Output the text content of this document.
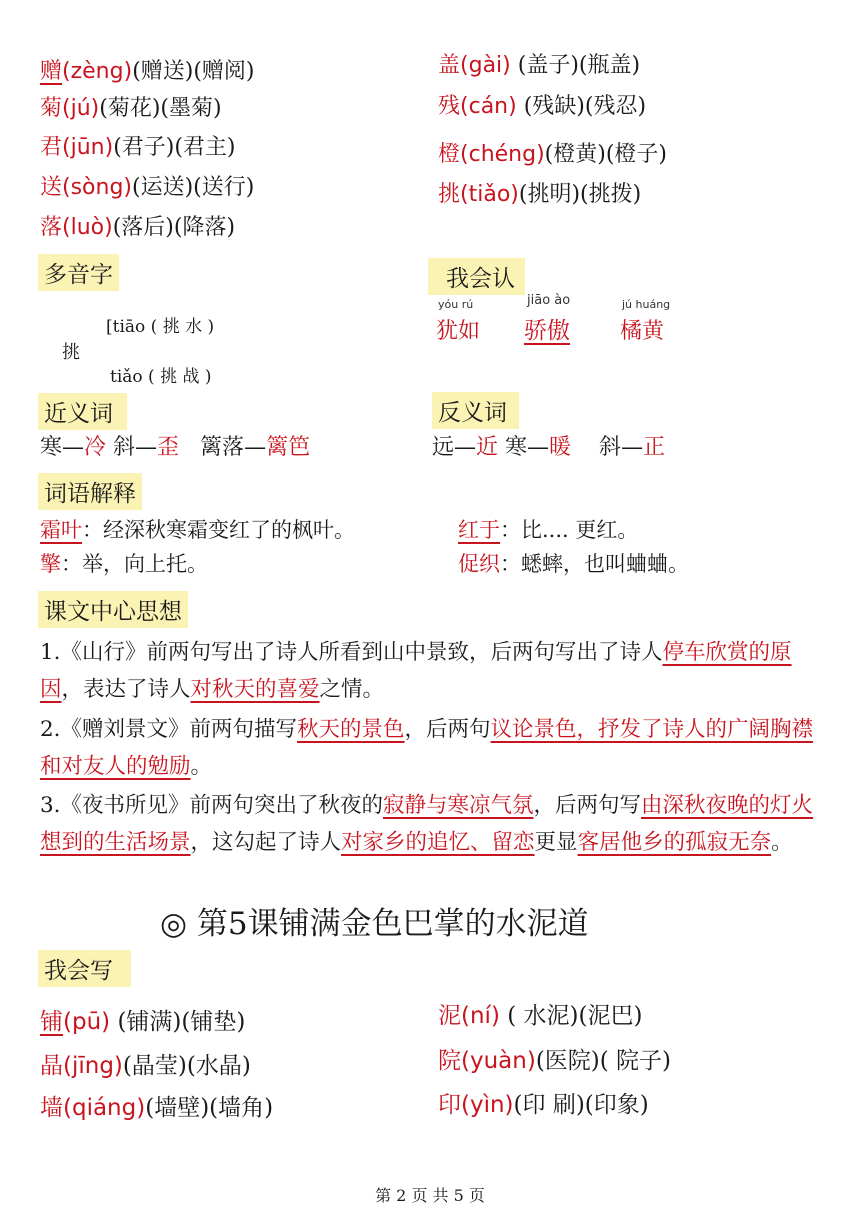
赠(zèng)(赠送)(赠阅)
菊(jú)(菊花)(墨菊)
君(jūn)(君子)(君主)
送(sòng)(运送)(送行)
落(luò)(落后)(降落)
盖(gài) (盖子)(瓶盖)
残(cán) (残缺)(残忍)
橙(chéng)(橙黄)(橙子)
挑(tiǎo)(挑明)(挑拨)
多音字
[tiāo ( 挑 水 )
挑
tiǎo ( 挑 战 )
我会认
yóu rú	jiāo ào	jú huáng
犹如 骄傲 橘黄
近义词
寒—冷 斜—歪 篱落—篱笆
反义词
远—近 寒—暖 斜—正
词语解释
霜叶：经深秋寒霜变红了的枫叶。	红于：比.... 更红。
擎：举，向上托。	促织：蟋蟀，也叫蛐蛐。
课文中心思想
1.《山行》前两句写出了诗人所看到山中景致，后两句写出了诗人停车欣赏的原因，表达了诗人对秋天的喜爱之情。
2.《赠刘景文》前两句描写秋天的景色，后两句议论景色，抒发了诗人的广阔胸襟和对友人的勉励。
3.《夜书所见》前两句突出了秋夜的寂静与寒凉气氛，后两句写由深秋夜晚的灯火想到的生活场景，这勾起了诗人对家乡的追忆、留恋更显客居他乡的孤寂无奈。
◎ 第5课铺满金色巴掌的水泥道
我会写
铺(pū) (铺满)(铺垫)
晶(jīng)(晶莹)(水晶)
墙(qiáng)(墙壁)(墙角)
泥(ní) ( 水泥)(泥巴)
院(yuàn)(医院)( 院子)
印(yìn)(印 刷)(印象)
第 2 页 共 5 页
